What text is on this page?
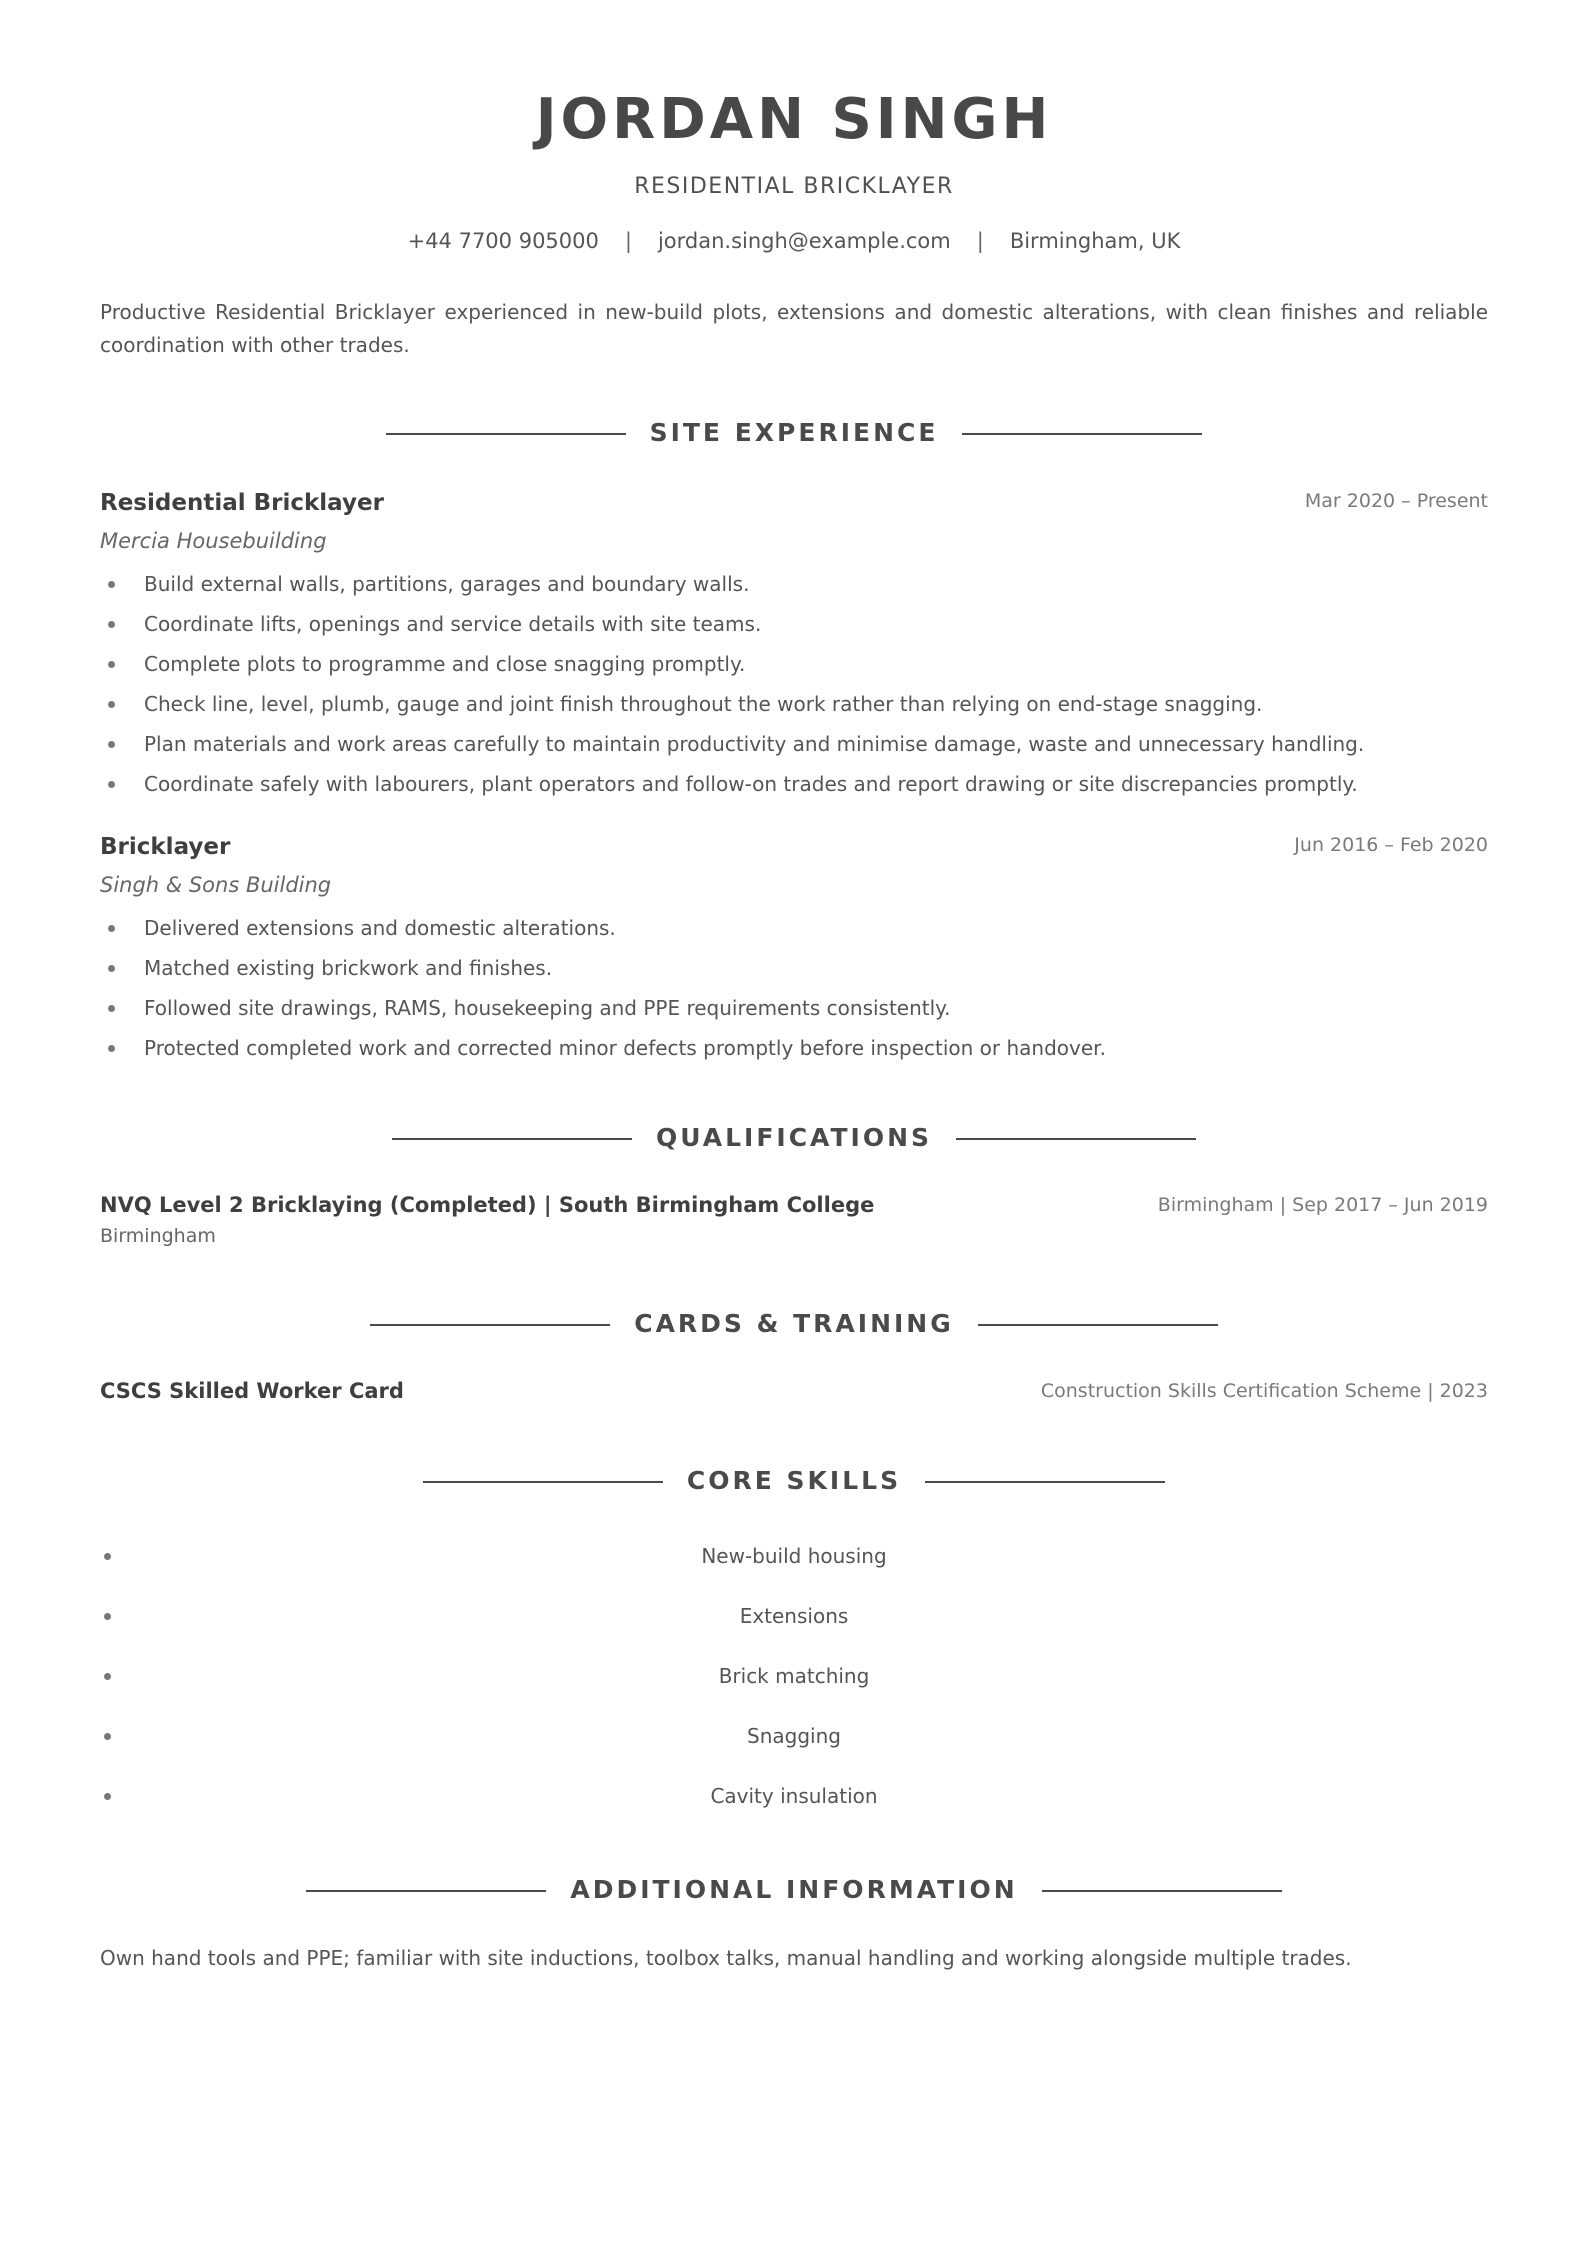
JORDAN SINGH
RESIDENTIAL BRICKLAYER
+44 7700 905000 | jordan.singh@example.com | Birmingham, UK
Productive Residential Bricklayer experienced in new-build plots, extensions and domestic alterations, with clean finishes and reliable coordination with other trades.
SITE EXPERIENCE
Residential Bricklayer	Mar 2020 – Present
Mercia Housebuilding
Build external walls, partitions, garages and boundary walls.
Coordinate lifts, openings and service details with site teams.
Complete plots to programme and close snagging promptly.
Check line, level, plumb, gauge and joint finish throughout the work rather than relying on end-stage snagging.
Plan materials and work areas carefully to maintain productivity and minimise damage, waste and unnecessary handling.
Coordinate safely with labourers, plant operators and follow-on trades and report drawing or site discrepancies promptly.
Bricklayer	Jun 2016 – Feb 2020
Singh & Sons Building
Delivered extensions and domestic alterations.
Matched existing brickwork and finishes.
Followed site drawings, RAMS, housekeeping and PPE requirements consistently.
Protected completed work and corrected minor defects promptly before inspection or handover.
QUALIFICATIONS
NVQ Level 2 Bricklaying (Completed) | South Birmingham College	Birmingham | Sep 2017 – Jun 2019
Birmingham
CARDS & TRAINING
CSCS Skilled Worker Card	Construction Skills Certification Scheme | 2023
CORE SKILLS
New-build housing
Extensions
Brick matching
Snagging
Cavity insulation
ADDITIONAL INFORMATION
Own hand tools and PPE; familiar with site inductions, toolbox talks, manual handling and working alongside multiple trades.
